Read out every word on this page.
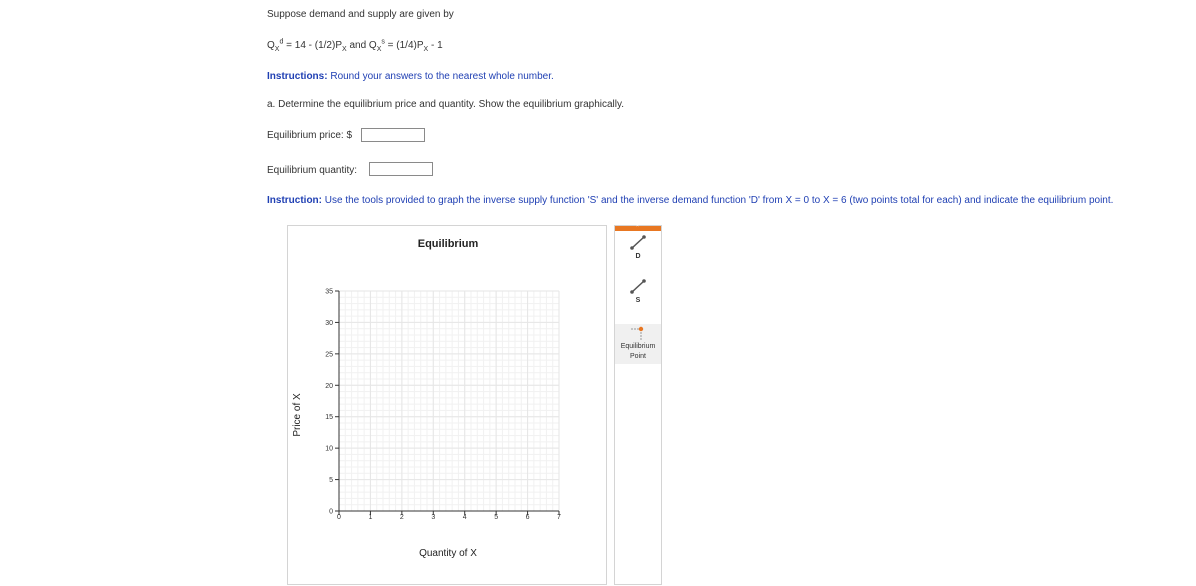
Suppose demand and supply are given by
$Q_X^d = 14 - (1/2)P_X$ and $Q_X^s = (1/4)P_X - 1$
Instructions: Round your answers to the nearest whole number.
a. Determine the equilibrium price and quantity. Show the equilibrium graphically.
Equilibrium price: $
Equilibrium quantity:
Instruction: Use the tools provided to graph the inverse supply function 'S' and the inverse demand function 'D' from X = 0 to X = 6 (two points total for each) and indicate the equilibrium point.
0	1	2	3	4	5	6	7
0
5
10
15
20
25
30
35
Equilibrium
Quantity of X
Price of X
×
D
S
Equilibrium
Point
